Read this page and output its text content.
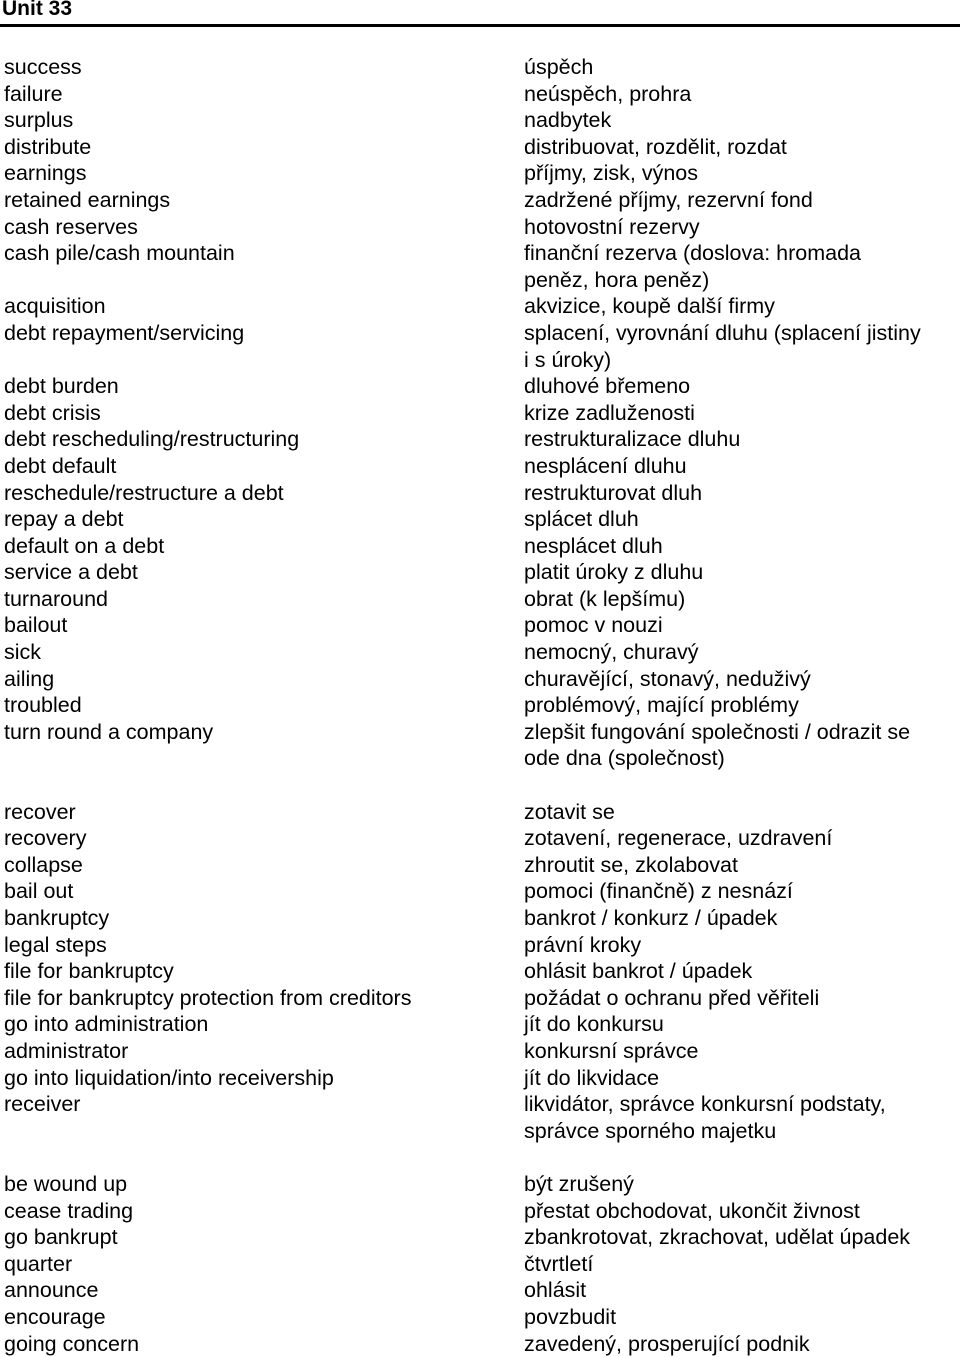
Unit 33
success	úspěch
failure	neúspěch, prohra
surplus	nadbytek
distribute	distribuovat, rozdělit, rozdat
earnings	příjmy, zisk, výnos
retained earnings	zadržené příjmy, rezervní fond
cash reserves	hotovostní rezervy
cash pile/cash mountain	finanční rezerva (doslova: hromada
peněz, hora peněz)
acquisition	akvizice, koupě další firmy
debt repayment/servicing	splacení, vyrovnání dluhu (splacení jistiny
i s úroky)
debt burden	dluhové břemeno
debt crisis	krize zadluženosti
debt rescheduling/restructuring	restrukturalizace dluhu
debt default	nesplácení dluhu
reschedule/restructure a debt	restrukturovat dluh
repay a debt	splácet dluh
default on a debt	nesplácet dluh
service a debt	platit úroky z dluhu
turnaround	obrat (k lepšímu)
bailout	pomoc v nouzi
sick	nemocný, churavý
ailing	churavějící, stonavý, neduživý
troubled	problémový, mající problémy
turn round a company	zlepšit fungování společnosti / odrazit se
ode dna (společnost)
recover	zotavit se
recovery	zotavení, regenerace, uzdravení
collapse	zhroutit se, zkolabovat
bail out	pomoci (finančně) z nesnází
bankruptcy	bankrot / konkurz / úpadek
legal steps	právní kroky
file for bankruptcy	ohlásit bankrot / úpadek
file for bankruptcy protection from creditors	požádat o ochranu před věřiteli
go into administration	jít do konkursu
administrator	konkursní správce
go into liquidation/into receivership	jít do likvidace
receiver	likvidátor, správce konkursní podstaty,
správce sporného majetku
be wound up	být zrušený
cease trading	přestat obchodovat, ukončit živnost
go bankrupt	zbankrotovat, zkrachovat, udělat úpadek
quarter	čtvrtletí
announce	ohlásit
encourage	povzbudit
going concern	zavedený, prosperující podnik
